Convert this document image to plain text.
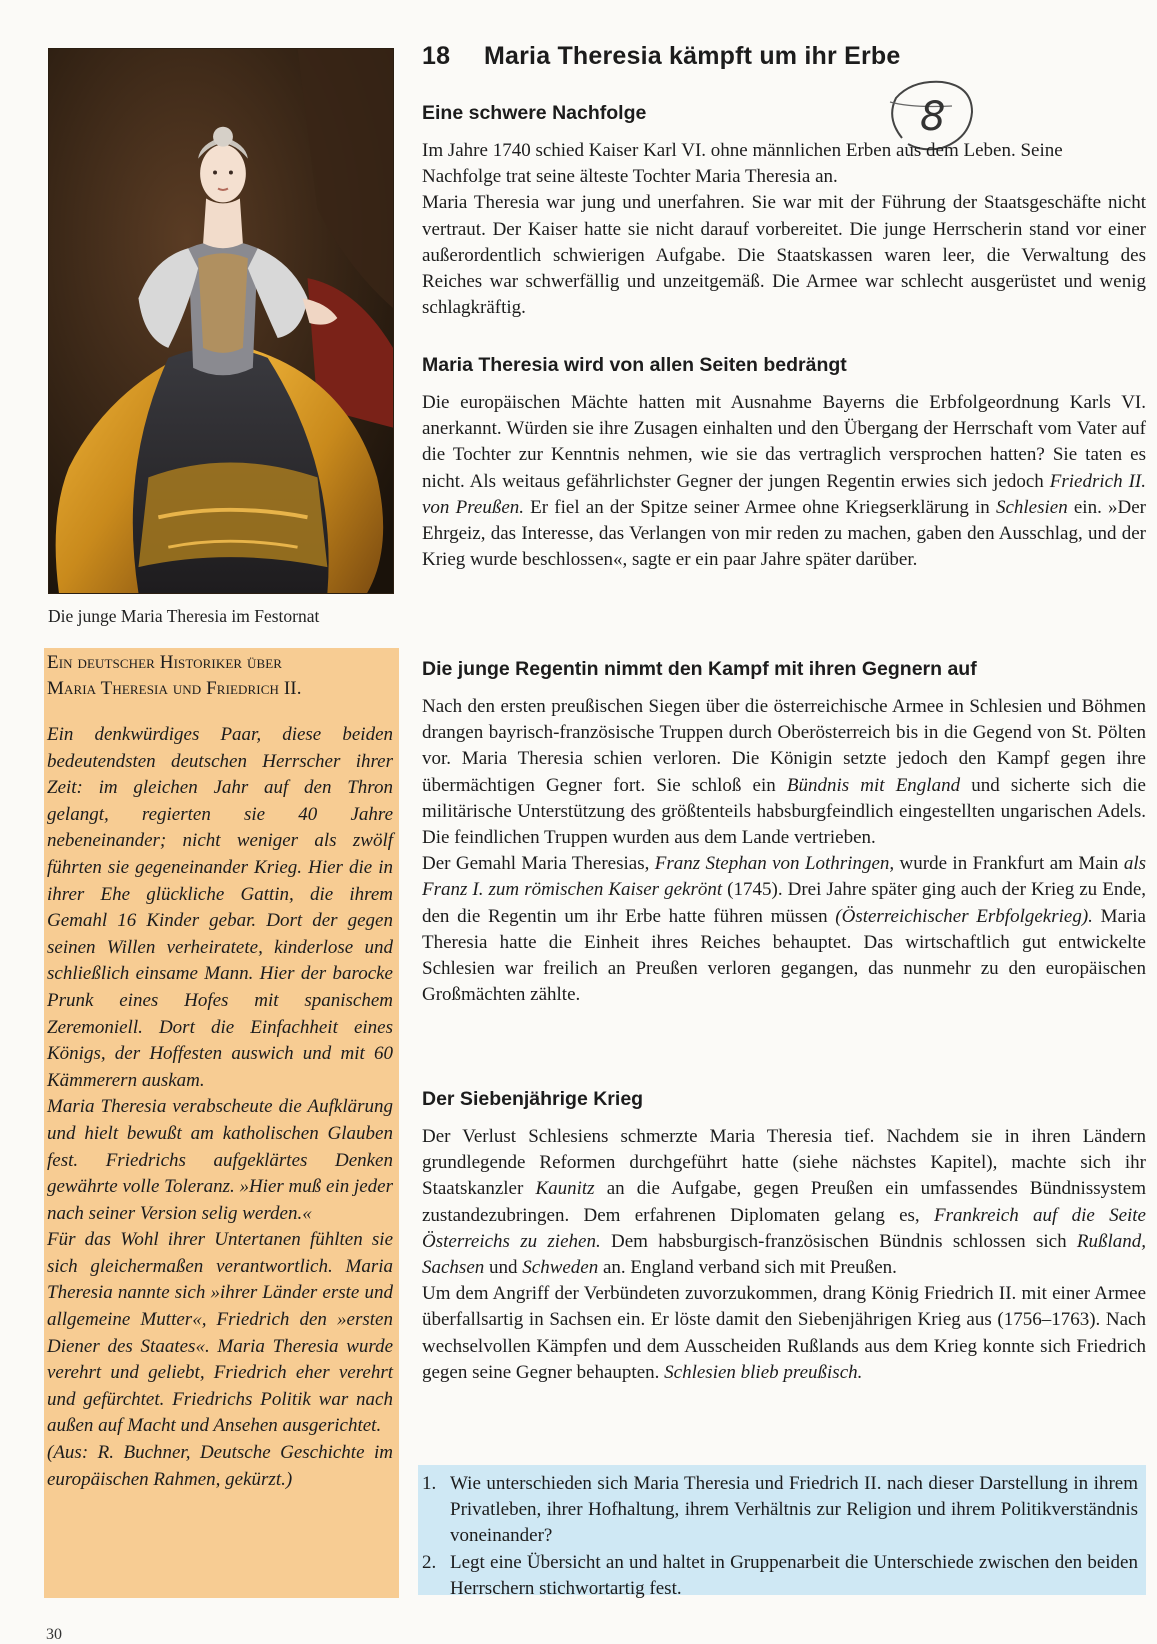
Die junge Maria Theresia im Festornat
Ein deutscher Historiker über
Maria Theresia und Friedrich II.

Ein denkwürdiges Paar, diese beiden bedeutendsten deutschen Herrscher ihrer Zeit: im gleichen Jahr auf den Thron gelangt, regierten sie 40 Jahre nebeneinander; nicht weniger als zwölf führten sie gegeneinander Krieg. Hier die in ihrer Ehe glückliche Gattin, die ihrem Gemahl 16 Kinder gebar. Dort der gegen seinen Willen verheiratete, kinderlose und schließlich einsame Mann. Hier der barocke Prunk eines Hofes mit spanischem Zeremoniell. Dort die Einfachheit eines Königs, der Hoffesten auswich und mit 60 Kämmerern auskam.

Maria Theresia verabscheute die Aufklärung und hielt bewußt am katholischen Glauben fest. Friedrichs aufgeklärtes Denken gewährte volle Toleranz. »Hier muß ein jeder nach seiner Version selig werden.«

Für das Wohl ihrer Untertanen fühlten sie sich gleichermaßen verantwortlich. Maria Theresia nannte sich »ihrer Länder erste und allgemeine Mutter«, Friedrich den »ersten Diener des Staates«. Maria Theresia wurde verehrt und geliebt, Friedrich eher verehrt und gefürchtet. Friedrichs Politik war nach außen auf Macht und Ansehen ausgerichtet.

(Aus: R. Buchner, Deutsche Geschichte im europäischen Rahmen, gekürzt.)

18 Maria Theresia kämpft um ihr Erbe
8
Eine schwere Nachfolge

Im Jahre 1740 schied Kaiser Karl VI. ohne männlichen Erben aus dem Leben. Seine Nachfolge trat seine älteste Tochter Maria Theresia an.

Maria Theresia war jung und unerfahren. Sie war mit der Führung der Staatsgeschäfte nicht vertraut. Der Kaiser hatte sie nicht darauf vorbereitet. Die junge Herrscherin stand vor einer außerordentlich schwierigen Aufgabe. Die Staatskassen waren leer, die Verwaltung des Reiches war schwerfällig und unzeitgemäß. Die Armee war schlecht ausgerüstet und wenig schlagkräftig.

Maria Theresia wird von allen Seiten bedrängt

Die europäischen Mächte hatten mit Ausnahme Bayerns die Erbfolgeordnung Karls VI. anerkannt. Würden sie ihre Zusagen einhalten und den Übergang der Herrschaft vom Vater auf die Tochter zur Kenntnis nehmen, wie sie das vertraglich versprochen hatten? Sie taten es nicht. Als weitaus gefährlichster Gegner der jungen Regentin erwies sich jedoch Friedrich II. von Preußen. Er fiel an der Spitze seiner Armee ohne Kriegserklärung in Schlesien ein. »Der Ehrgeiz, das Interesse, das Verlangen von mir reden zu machen, gaben den Ausschlag, und der Krieg wurde beschlossen«, sagte er ein paar Jahre später darüber.

Die junge Regentin nimmt den Kampf mit ihren Gegnern auf

Nach den ersten preußischen Siegen über die österreichische Armee in Schlesien und Böhmen drangen bayrisch-französische Truppen durch Oberösterreich bis in die Gegend von St. Pölten vor. Maria Theresia schien verloren. Die Königin setzte jedoch den Kampf gegen ihre übermächtigen Gegner fort. Sie schloß ein Bündnis mit England und sicherte sich die militärische Unterstützung des größtenteils habsburgfeindlich eingestellten ungarischen Adels. Die feindlichen Truppen wurden aus dem Lande vertrieben.

Der Gemahl Maria Theresias, Franz Stephan von Lothringen, wurde in Frankfurt am Main als Franz I. zum römischen Kaiser gekrönt (1745). Drei Jahre später ging auch der Krieg zu Ende, den die Regentin um ihr Erbe hatte führen müssen (Österreichischer Erbfolgekrieg). Maria Theresia hatte die Einheit ihres Reiches behauptet. Das wirtschaftlich gut entwickelte Schlesien war freilich an Preußen verloren gegangen, das nunmehr zu den europäischen Großmächten zählte.

Der Siebenjährige Krieg

Der Verlust Schlesiens schmerzte Maria Theresia tief. Nachdem sie in ihren Ländern grundlegende Reformen durchgeführt hatte (siehe nächstes Kapitel), machte sich ihr Staatskanzler Kaunitz an die Aufgabe, gegen Preußen ein umfassendes Bündnissystem zustandezubringen. Dem erfahrenen Diplomaten gelang es, Frankreich auf die Seite Österreichs zu ziehen. Dem habsburgisch-französischen Bündnis schlossen sich Rußland, Sachsen und Schweden an. England verband sich mit Preußen.

Um dem Angriff der Verbündeten zuvorzukommen, drang König Friedrich II. mit einer Armee überfallsartig in Sachsen ein. Er löste damit den Siebenjährigen Krieg aus (1756–1763). Nach wechselvollen Kämpfen und dem Ausscheiden Rußlands aus dem Krieg konnte sich Friedrich gegen seine Gegner behaupten. Schlesien blieb preußisch.

1. Wie unterschieden sich Maria Theresia und Friedrich II. nach dieser Darstellung in ihrem Privatleben, ihrer Hofhaltung, ihrem Verhältnis zur Religion und ihrem Politikverständnis voneinander?
2. Legt eine Übersicht an und haltet in Gruppenarbeit die Unterschiede zwischen den beiden Herrschern stichwortartig fest.
30
